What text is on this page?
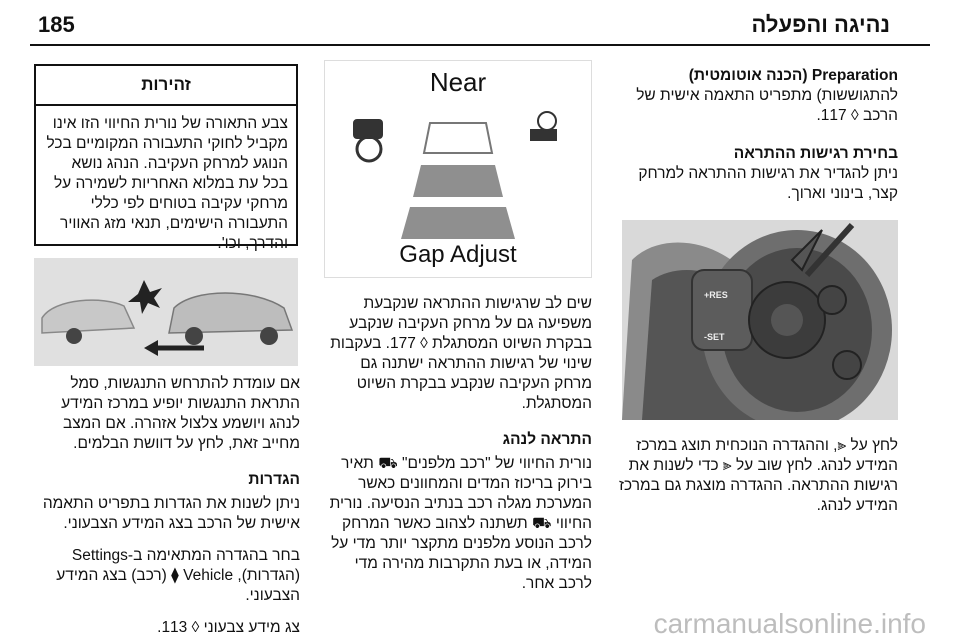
185	נהיגה והפעלה

Preparation (הכנה אוטומטית)

להתגוששות) מתפריט התאמה אישית של הרכב ◊ 117.

בחירת רגישות ההתראה

ניתן להגדיר את רגישות ההתראה למרחק קצר, בינוני וארוך.

RES+
SET-

לחץ על ⫷, וההגדרה הנוכחית תוצג במרכז המידע לנהג. לחץ שוב על ⫷ כדי לשנות את רגישות ההתראה. ההגדרה מוצגת גם במרכז המידע לנהג.

Near
Gap Adjust

שים לב שרגישות ההתראה שנקבעת משפיעה גם על מרחק העקיבה שנקבע בבקרת השיוט המסתגלת ◊ 177. בעקבות שינוי של רגישות ההתראה ישתנה גם מרחק העקיבה שנקבע בבקרת השיוט המסתגלת.

התראה לנהג

נורית החיווי של "רכב מלפנים" ⛟ תאיר בירוק בריכוז המדים והמחוונים כאשר המערכת מגלה רכב בנתיב הנסיעה. נורית החיווי ⛟ תשתנה לצהוב כאשר המרחק לרכב הנוסע מלפנים מתקצר יותר מדי על המידה, או בעת התקרבות מהירה מדי לרכב אחר.

זהירות
צבע התאורה של נורית החיווי הזו אינו מקביל לחוקי התעבורה המקומיים בכל הנוגע למרחק העקיבה. הנהג נושא בכל עת במלוא האחריות לשמירה על מרחקי עקיבה בטוחים לפי כללי התעבורה הישימים, תנאי מזג האוויר והדרך, וכו'.

אם עומדת להתרחש התנגשות, סמל התראת התנגשות יופיע במרכז המידע לנהג ויושמע צלצול אזהרה. אם המצב מחייב זאת, לחץ על דוושת הבלמים.

הגדרות

ניתן לשנות את הגדרות בתפריט התאמה אישית של הרכב בצג המידע הצבעוני.

בחר בהגדרה המתאימה ב-Settings (הגדרות), Vehicle ⧫ (רכב) בצג המידע הצבעוני.

צג מידע צבעוני ◊ 113.	carmanualsonline.info
